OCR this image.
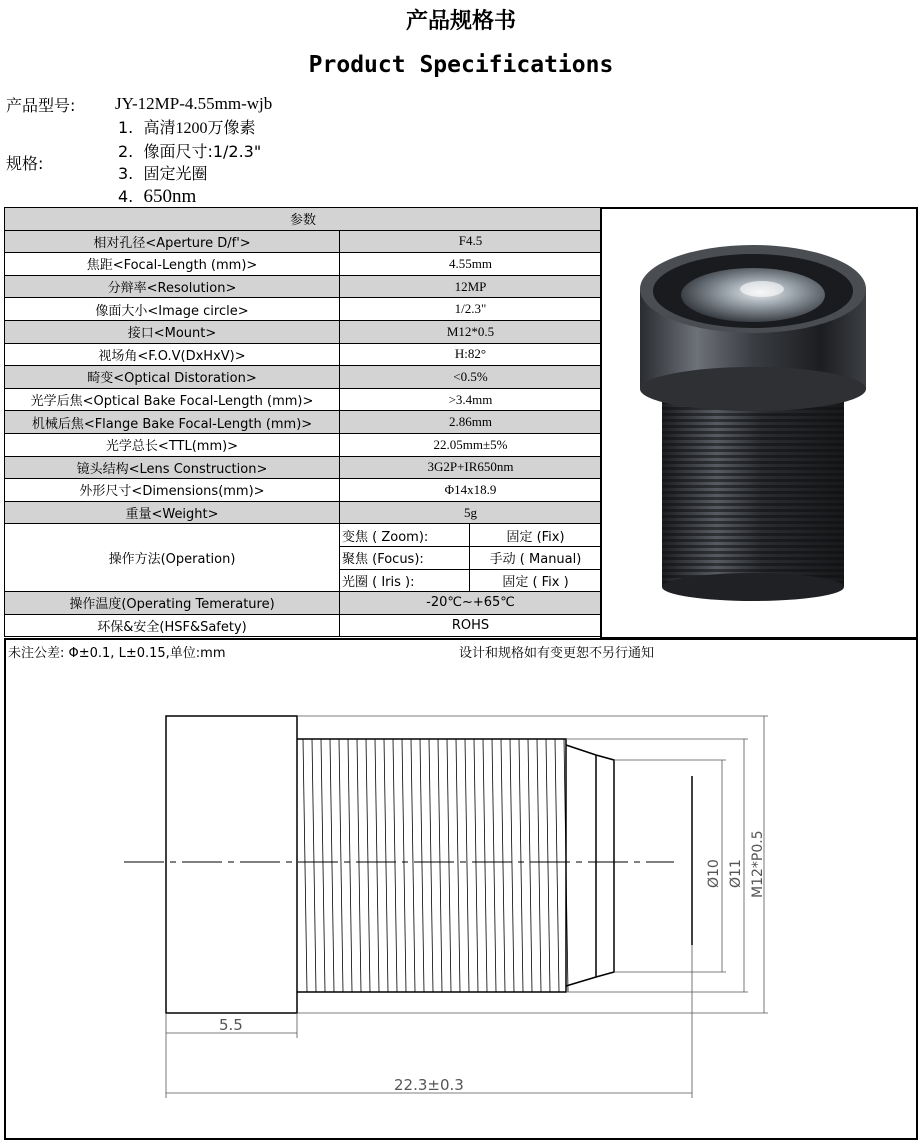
产品规格书
Product Specifications
产品型号: JY-12MP-4.55mm-wjb
规格:
1. 高清1200万像素
2. 像面尺寸:1/2.3"
3. 固定光圈
4. 650nm
参数		
相对孔径<Aperture D/f'>	F4.5	
焦距<Focal-Length (mm)>	4.55mm	
分辩率<Resolution>	12MP	
像面大小<Image circle>	1/2.3"	
接口<Mount>	M12*0.5	
视场角<F.O.V(DxHxV)>	H:82°	
畸变<Optical Distoration>	<0.5%	
光学后焦<Optical Bake Focal-Length (mm)>	>3.4mm	
机械后焦<Flange Bake Focal-Length (mm)>	2.86mm	
光学总长<TTL(mm)>	22.05mm±5%	
镜头结构<Lens Construction>	3G2P+IR650nm	
外形尺寸<Dimensions(mm)>	Φ14x18.9	
重量<Weight>	5g	
操作方法(Operation)	变焦 ( Zoom):	固定 (Fix)
	聚焦 (Focus):	手动 ( Manual)
	光圈 ( Iris ):	固定 ( Fix )
操作温度(Operating Temerature)	-20℃~+65℃	
环保&安全(HSF&Safety)	ROHS	
未注公差: Φ±0.1, L±0.15,单位:mm	设计和规格如有变更恕不另行通知
5.5
22.3±0.3
Ø10 Ø11 M12*P0.5
